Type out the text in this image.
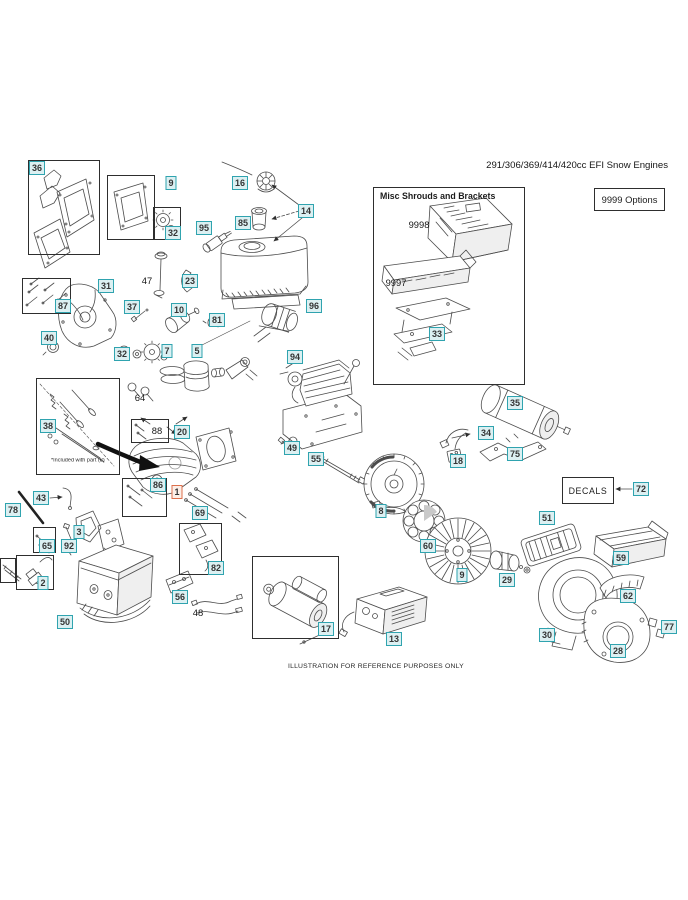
291/306/369/414/420cc EFI Snow Engines
Misc Shrouds and Brackets	9999 Options
DECALS
*Included with part (8)
ILLUSTRATION FOR REFERENCE PURPOSES ONLY
36
9	16
14
85
95
32
9998
23
47
31	9997
87	96
37	10
81
33
40
7	5
32	94
64	35
38	88	20	34
49
75
55	18
86	72
1
43
78	8
69	51
3
65	92	60
59
82
9	29
2
62
56
48
50	77
17
13	30
28
